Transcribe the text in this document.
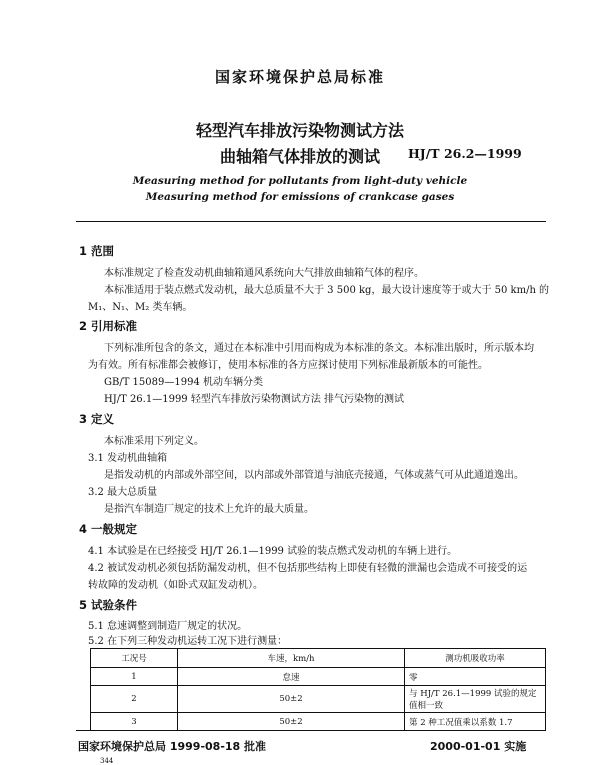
国家环境保护总局标准
轻型汽车排放污染物测试方法
曲轴箱气体排放的测试	HJ/T 26.2—1999
Measuring method for pollutants from light-duty vehicle
Measuring method for emissions of crankcase gases
1 范围
本标准规定了检查发动机曲轴箱通风系统向大气排放曲轴箱气体的程序。
本标准适用于装点燃式发动机，最大总质量不大于 3 500 kg，最大设计速度等于或大于 50 km/h 的
M₁、N₁、M₂ 类车辆。
2 引用标准
下列标准所包含的条文，通过在本标准中引用而构成为本标准的条文。本标准出版时，所示版本均
为有效。所有标准都会被修订，使用本标准的各方应探讨使用下列标准最新版本的可能性。
GB/T 15089—1994 机动车辆分类
HJ/T 26.1—1999 轻型汽车排放污染物测试方法 排气污染物的测试
3 定义
本标准采用下列定义。
3.1 发动机曲轴箱
是指发动机的内部或外部空间，以内部或外部管道与油底壳接通，气体或蒸气可从此通道逸出。
3.2 最大总质量
是指汽车制造厂规定的技术上允许的最大质量。
4 一般规定
4.1 本试验是在已经接受 HJ/T 26.1—1999 试验的装点燃式发动机的车辆上进行。
4.2 被试发动机必须包括防漏发动机，但不包括那些结构上即使有轻微的泄漏也会造成不可接受的运
转故障的发动机（如卧式双缸发动机）。
5 试验条件
5.1 怠速调整到制造厂规定的状况。
5.2 在下列三种发动机运转工况下进行测量：
工况号	车速，km/h	测功机吸收功率
1	怠速	零
2	50±2	与 HJ/T 26.1—1999 试验的规定值相一致
3	50±2	第 2 种工况值乘以系数 1.7
国家环境保护总局 1999-08-18 批准	2000-01-01 实施
344
